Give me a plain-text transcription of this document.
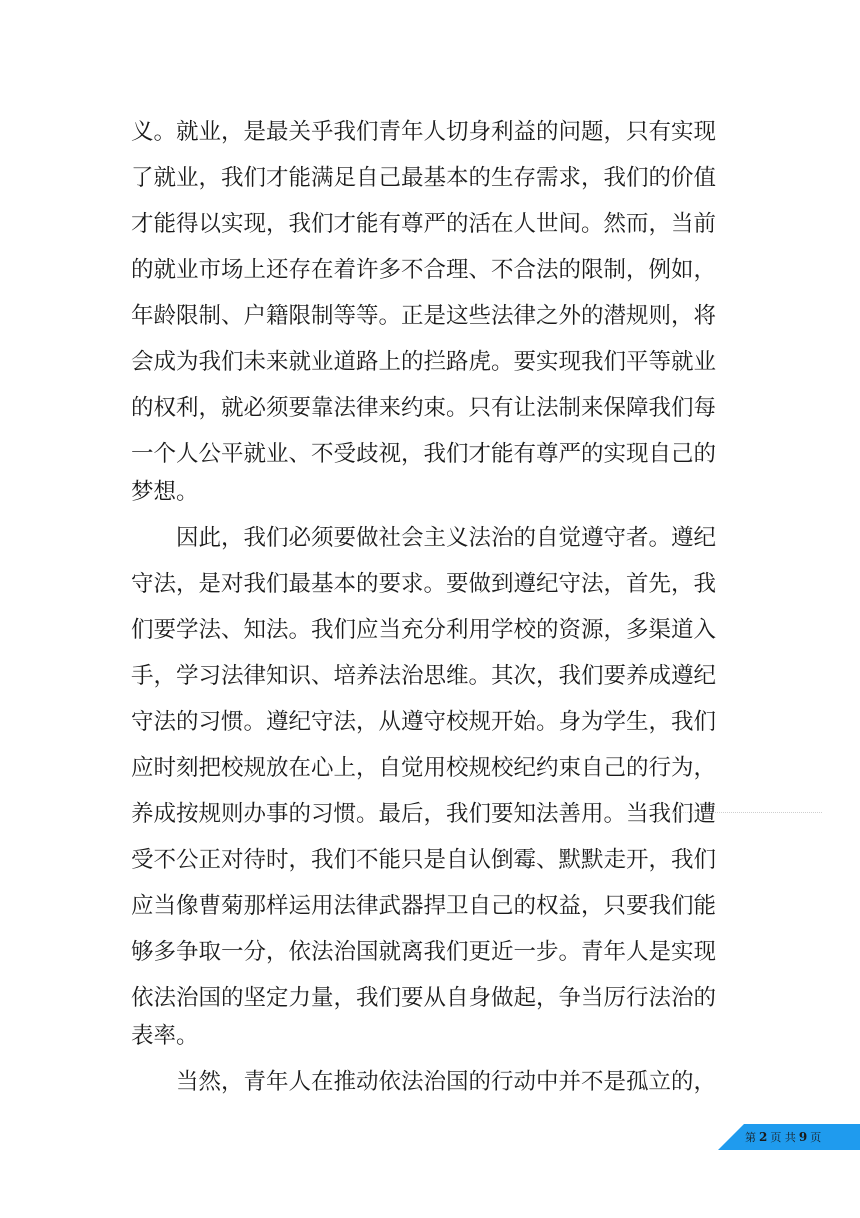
义。就业，是最关乎我们青年人切身利益的问题，只有实现
了就业，我们才能满足自己最基本的生存需求，我们的价值
才能得以实现，我们才能有尊严的活在人世间。然而，当前
的就业市场上还存在着许多不合理、不合法的限制，例如，
年龄限制、户籍限制等等。正是这些法律之外的潜规则，将
会成为我们未来就业道路上的拦路虎。要实现我们平等就业
的权利，就必须要靠法律来约束。只有让法制来保障我们每
一个人公平就业、不受歧视，我们才能有尊严的实现自己的
梦想。
因此，我们必须要做社会主义法治的自觉遵守者。遵纪
守法，是对我们最基本的要求。要做到遵纪守法，首先，我
们要学法、知法。我们应当充分利用学校的资源，多渠道入
手，学习法律知识、培养法治思维。其次，我们要养成遵纪
守法的习惯。遵纪守法，从遵守校规开始。身为学生，我们
应时刻把校规放在心上，自觉用校规校纪约束自己的行为，
养成按规则办事的习惯。最后，我们要知法善用。当我们遭
受不公正对待时，我们不能只是自认倒霉、默默走开，我们
应当像曹菊那样运用法律武器捍卫自己的权益，只要我们能
够多争取一分，依法治国就离我们更近一步。青年人是实现
依法治国的坚定力量，我们要从自身做起，争当厉行法治的
表率。
当然，青年人在推动依法治国的行动中并不是孤立的，
第 2 页 共 9 页
